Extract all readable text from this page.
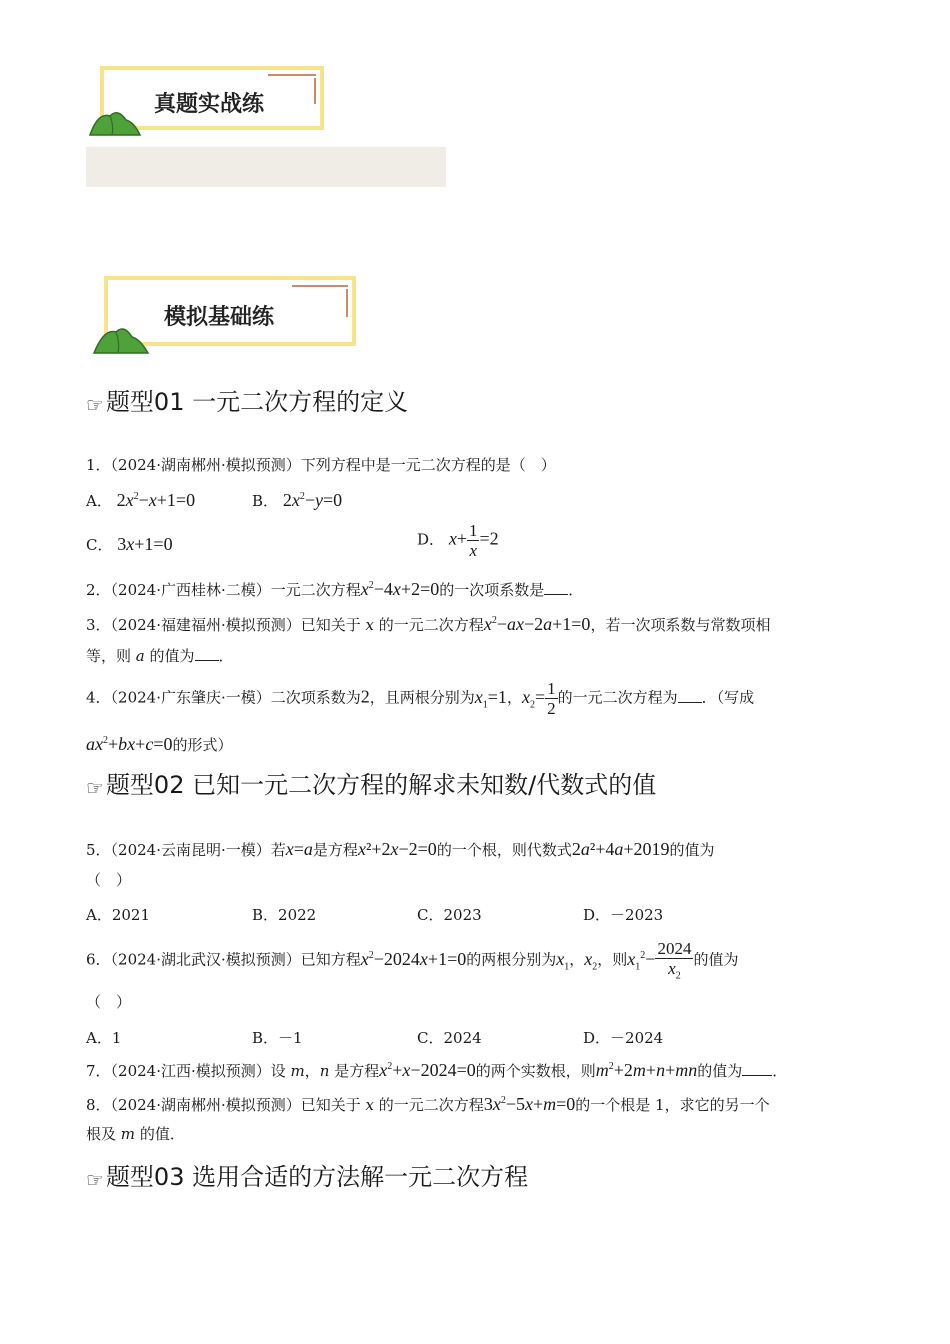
真题实战练
模拟基础练
☞题型01 一元二次方程的定义
1．（2024·湖南郴州·模拟预测）下列方程中是一元二次方程的是（　）
A． $2x^2-x+1=0$	B． $2x^2-y=0$
C． 3x+1=0	D． $x+ \frac{1}{x} =2$
2．（2024·广西桂林·二模）一元二次方程$x^2-4x+2=0$的一次项系数是 ．
3．（2024·福建福州·模拟预测）已知关于 x 的一元二次方程$x^2-ax-2a+1=0$，若一次项系数与常数项相
等，则 a 的值为 ．
4．（2024·广东肇庆·一模）二次项系数为2，且两根分别为$x_1=1$，$x_2= \frac{1}{2}$ 的一元二次方程为 ．（写成
$ax^2+bx+c=0$的形式）
☞题型02 已知一元二次方程的解求未知数/代数式的值
5．（2024·云南昆明·一模）若x=a是方程x²+2x−2=0的一个根，则代数式2a²+4a+2019的值为
（　）
A．2021	B．2022	C．2023	D．－2023
6．（2024·湖北武汉·模拟预测）已知方程$x^2-2024x+1=0$的两根分别为$x_1$，$x_2$，则$x_1^2- \frac{2024}{x_2}$ 的值为
（　）
A．1	B．－1	C．2024	D．－2024
7．（2024·江西·模拟预测）设 m，n 是方程$x^2+x-2024=0$的两个实数根，则$m^2+2m+n+mn$的值为 ．
8．（2024·湖南郴州·模拟预测）已知关于 x 的一元二次方程$3x^2-5x+m=0$的一个根是 1，求它的另一个
根及 m 的值．
☞题型03 选用合适的方法解一元二次方程
